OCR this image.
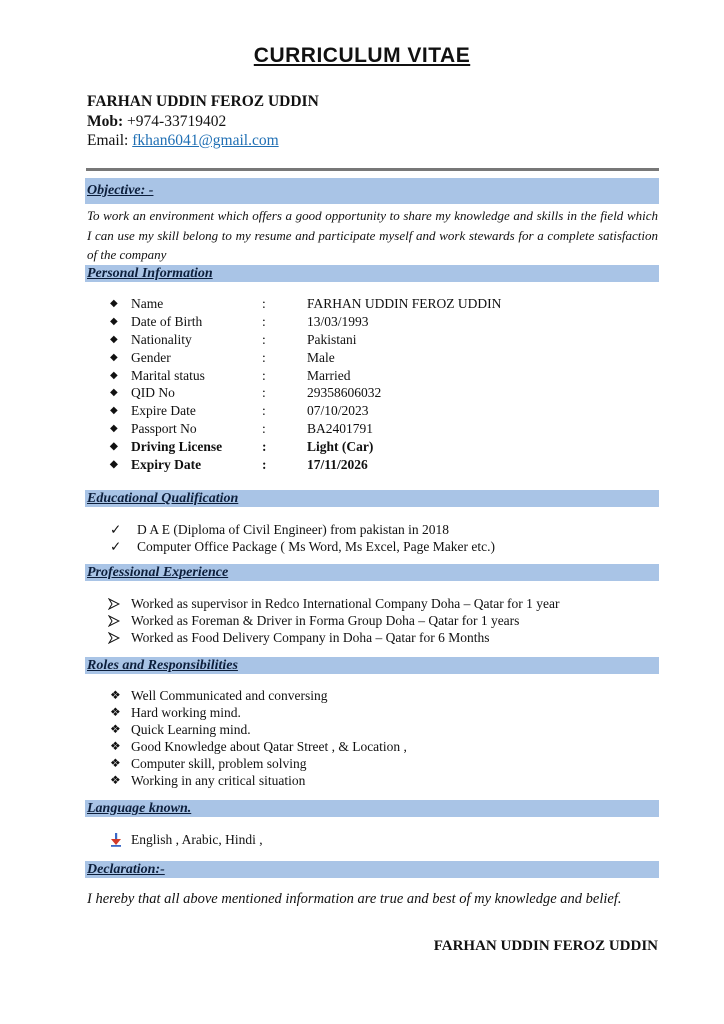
CURRICULUM VITAE
FARHAN UDDIN FEROZ UDDIN
Mob: +974-33719402
Email: fkhan6041@gmail.com
Objective: -
To work an environment which offers a good opportunity to share my knowledge and skills in the field which I can use my skill belong to my resume and participate myself and work stewards for a complete satisfaction of the company
Personal Information
◆ Name	:	FARHAN UDDIN FEROZ UDDIN
◆ Date of Birth	:	13/03/1993
◆ Nationality	:	Pakistani
◆ Gender	:	Male
◆ Marital status	:	Married
◆ QID No	:	29358606032
◆ Expire Date	:	07/10/2023
◆ Passport No	:	BA2401791
◆ Driving License	:	Light (Car)
◆ Expiry Date	:	17/11/2026
Educational Qualification
✓ D A E (Diploma of Civil Engineer) from pakistan in 2018
✓ Computer Office Package ( Ms Word, Ms Excel, Page Maker etc.)
Professional Experience
Worked as supervisor in Redco International Company Doha – Qatar for 1 year
Worked as Foreman & Driver in Forma Group Doha – Qatar for 1 years
Worked as Food Delivery Company in Doha – Qatar for 6 Months
Roles and Responsibilities
❖ Well Communicated and conversing
❖ Hard working mind.
❖ Quick Learning mind.
❖ Good Knowledge about Qatar Street , & Location ,
❖ Computer skill, problem solving
❖ Working in any critical situation
Language known.
English , Arabic, Hindi ,
Declaration:-
I hereby that all above mentioned information are true and best of my knowledge and belief.
FARHAN UDDIN FEROZ UDDIN
